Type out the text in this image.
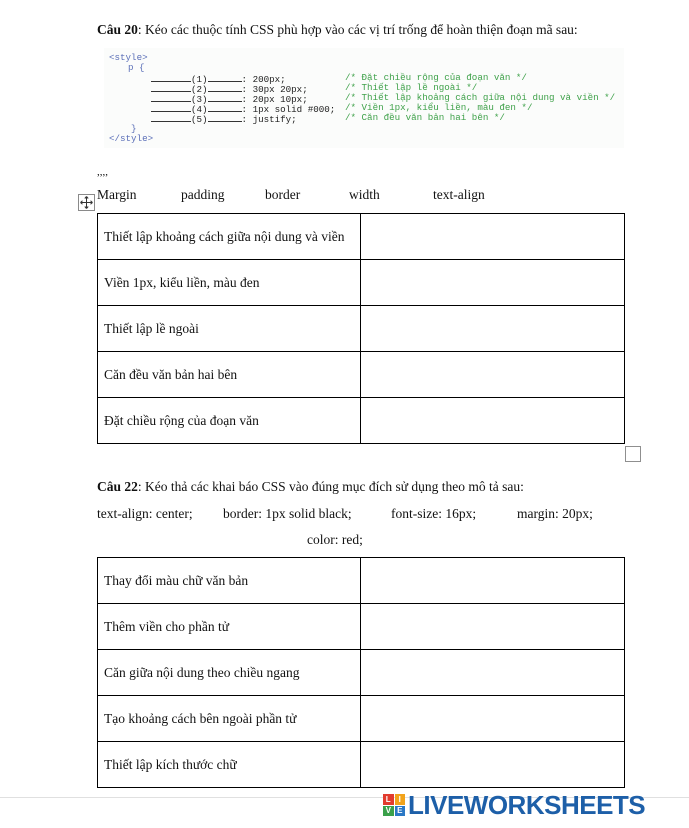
Câu 20: Kéo các thuộc tính CSS phù hợp vào các vị trí trống để hoàn thiện đoạn mã sau:
<style>
p {
(1)	: 200px;	/* Đặt chiều rộng của đoạn văn */
(2)	: 30px 20px;	/* Thiết lập lề ngoài */
(3)	: 20px 10px;	/* Thiết lập khoảng cách giữa nội dung và viền */
(4)	: 1px solid #000; /* Viền 1px, kiểu liền, màu đen */
(5)	: justify;	/* Căn đều văn bản hai bên */
}
</style>
,,,,
Margin	padding	border	width	text-align
Thiết lập khoảng cách giữa nội dung và viền	
Viền 1px, kiểu liền, màu đen	
Thiết lập lề ngoài	
Căn đều văn bản hai bên	
Đặt chiều rộng của đoạn văn	
Câu 22: Kéo thả các khai báo CSS vào đúng mục đích sử dụng theo mô tả sau:
text-align: center; border: 1px solid black;	font-size: 16px;	margin: 20px;
color: red;
Thay đổi màu chữ văn bản	
Thêm viền cho phần tử	
Căn giữa nội dung theo chiều ngang	
Tạo khoảng cách bên ngoài phần tử	
Thiết lập kích thước chữ	
L I
V E LIVEWORKSHEETS
